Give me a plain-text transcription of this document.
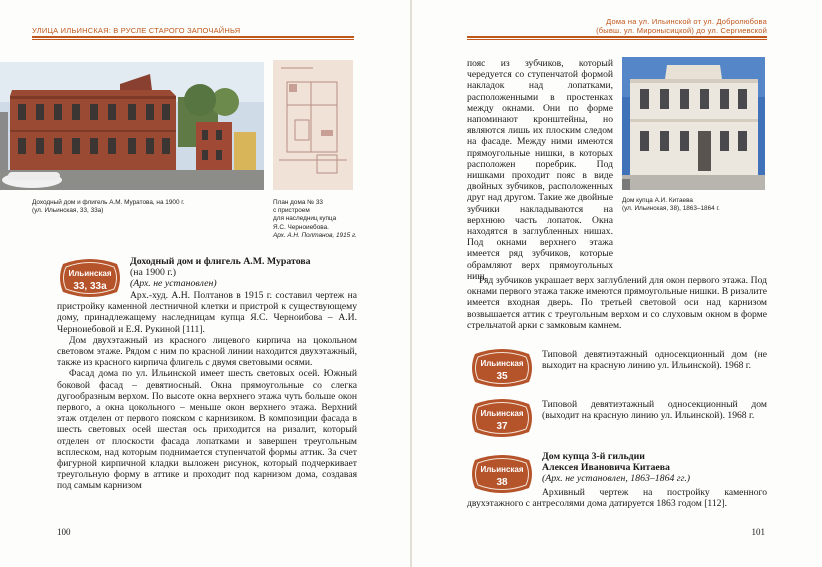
УЛИЦА ИЛЬИНСКАЯ: В РУСЛЕ СТАРОГО ЗАПОЧАЙНЬЯ
Доходный дом и флигель А.М. Муратова, на 1900 г.
(ул. Ильинская, 33, 33а)
План дома № 33
с пристроем
для наследниц купца
Я.С. Черноиебова.
Арх. А.Н. Полтанов, 1915 г.
Ильинская
33, 33а
Доходный дом и флигель А.М. Муратова
(на 1900 г.)
(Арх. не установлен)

Арх.-худ. А.Н. Полтанов в 1915 г. составил чертеж на пристройку каменной лестничной клетки и пристрой к существующему дому, принадлежащему наследницам купца Я.С. Черноибова – А.И. Черноиебовой и Е.Я. Рукиной [111].

Дом двухэтажный из красного лицевого кирпича на цокольном световом этаже. Рядом с ним по красной линии находится двухэтажный, также из красного кирпича флигель с двумя световыми осями.

Фасад дома по ул. Ильинской имеет шесть световых осей. Южный боковой фасад – девятиосный. Окна прямоугольные со слегка дугообразным верхом. По высоте окна верхнего этажа чуть больше окон первого, а окна цокольного – меньше окон верхнего этажа. Верхний этаж отделен от первого пояском с карнизиком. В композиции фасада в шесть световых осей шестая ось приходится на ризалит, который отделен от плоскости фасада лопатками и завершен треугольным всплеском, над которым поднимается ступенчатой формы аттик. За счет фигурной кирпичной кладки выложен рисунок, который подчеркивает треугольную форму в аттике и проходит под карнизом дома, создавая под самым карнизом

100
Дома на ул. Ильинской от ул. Добролюбова
(бывш. ул. Миронысицкой) до ул. Сергиевской

пояс из зубчиков, который чередуется со ступенчатой формой накладок над лопатками, расположенными в простенках между окнами. Они по форме напоминают кронштейны, но являются лишь их плоским следом на фасаде. Между ними имеются прямоугольные нишки, в которых расположен поребрик. Под нишками проходит пояс в виде двойных зубчиков, расположенных друг над другом. Такие же двойные зубчики накладываются на верхнюю часть лопаток. Окна находятся в заглубленных нишах. Под окнами верхнего этажа имеется ряд зубчиков, которые обрамляют верх прямоугольных ниш.

Дом купца А.И. Китаева
(ул. Ильинская, 38), 1863–1864 г.

Ряд зубчиков украшает верх заглублений для окон первого этажа. Под окнами первого этажа также имеются прямоугольные нишки. В ризалите имеется входная дверь. По третьей световой оси над карнизом возвышается аттик с треугольным верхом и со слуховым окном в форме стрельчатой арки с замковым камнем.

Ильинская
35

Типовой девятиэтажный односекционный дом (не выходит на красную линию ул. Ильинской). 1968 г.

Ильинская
37

Типовой девятиэтажный односекционный дом (выходит на красную линию ул. Ильинской). 1968 г.

Ильинская
38
Дом купца 3-й гильдии
Алексея Ивановича Китаева
(Арх. не установлен, 1863–1864 гг.)

Архивный чертеж на постройку каменного двухэтажного с антресолями дома датируется 1863 годом [112].

101
